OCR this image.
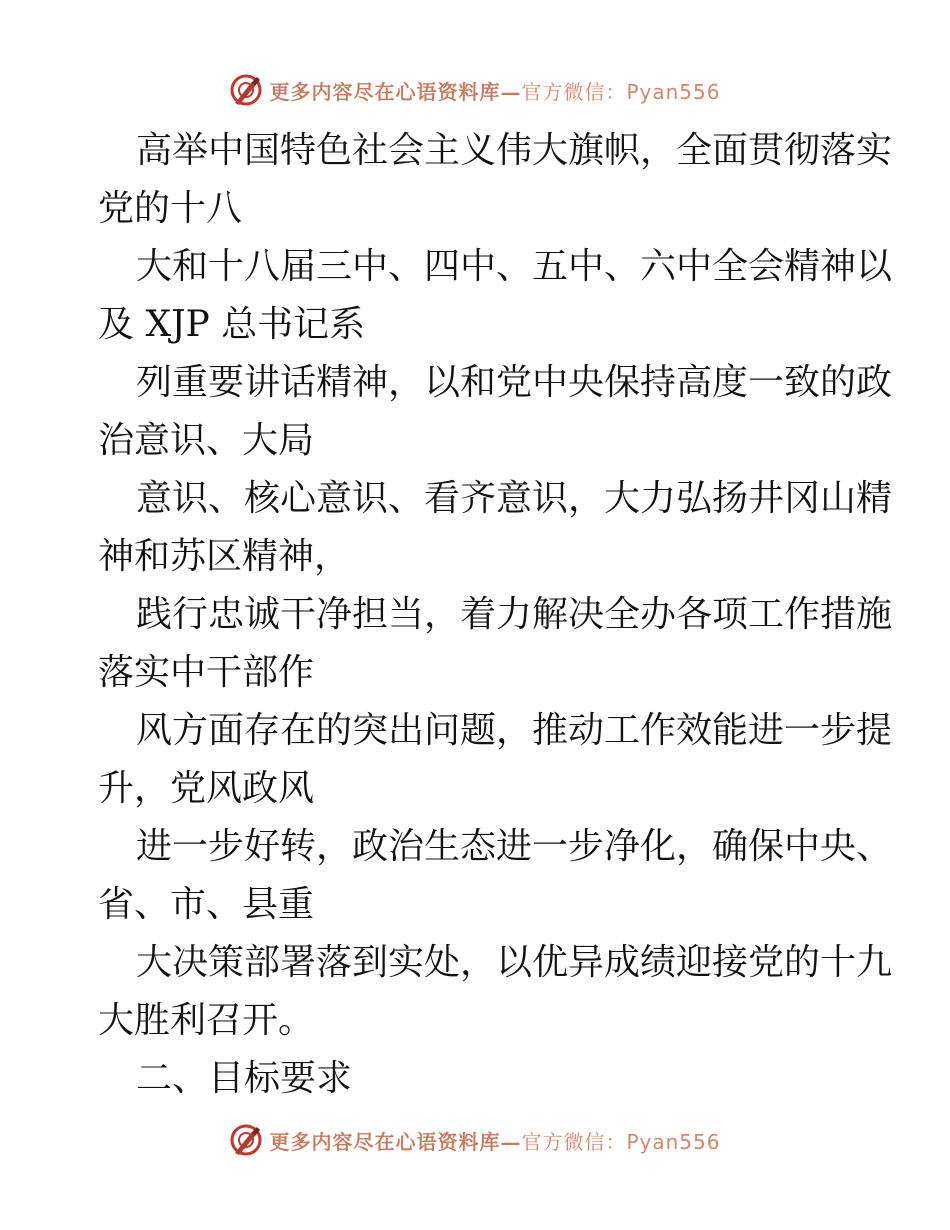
更多内容尽在心语资料库—官方微信：Pyan556
高举中国特色社会主义伟大旗帜，全面贯彻落实
党的十八
大和十八届三中、四中、五中、六中全会精神以
及 XJP 总书记系
列重要讲话精神，以和党中央保持高度一致的政
治意识、大局
意识、核心意识、看齐意识，大力弘扬井冈山精
神和苏区精神，
践行忠诚干净担当，着力解决全办各项工作措施
落实中干部作
风方面存在的突出问题，推动工作效能进一步提
升，党风政风
进一步好转，政治生态进一步净化，确保中央、
省、市、县重
大决策部署落到实处，以优异成绩迎接党的十九
大胜利召开。
二、目标要求
更多内容尽在心语资料库—官方微信：Pyan556
